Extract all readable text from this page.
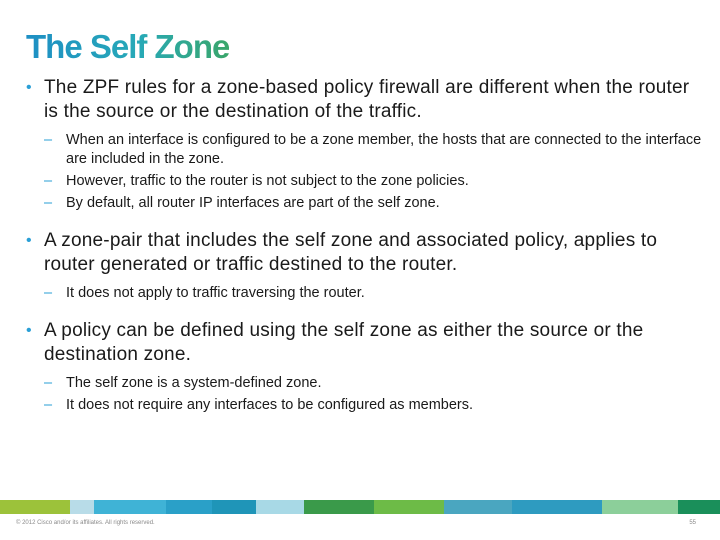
The Self Zone
• The ZPF rules for a zone-based policy firewall are different when the router is the source or the destination of the traffic.
– When an interface is configured to be a zone member, the hosts that are connected to the interface are included in the zone.
– However, traffic to the router is not subject to the zone policies.
– By default, all router IP interfaces are part of the self zone.
• A zone-pair that includes the self zone and associated policy, applies to router generated or traffic destined to the router.
– It does not apply to traffic traversing the router.
• A policy can be defined using the self zone as either the source or the destination zone.
– The self zone is a system-defined zone.
– It does not require any interfaces to be configured as members.
© 2012 Cisco and/or its affiliates. All rights reserved.	55
